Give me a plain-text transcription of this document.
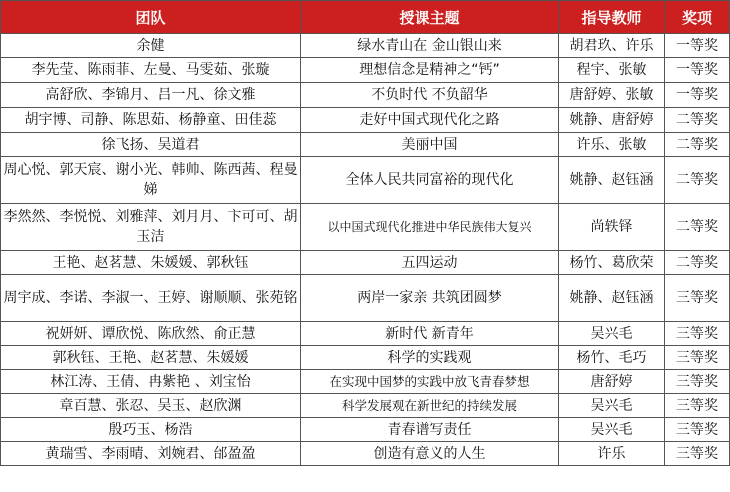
团队	授课主题	指导教师	奖项
余健	绿水青山在 金山银山来	胡君玖、许乐	一等奖
李先莹、陈雨菲、左曼、马雯茹、张璇	理想信念是精神之“钙”	程宇、张敏	一等奖
高舒欣、李锦月、吕一凡、徐文雅	不负时代 不负韶华	唐舒婷、张敏	一等奖
胡宇博、司静、陈思茹、杨静童、田佳蕊	走好中国式现代化之路	姚静、唐舒婷	二等奖
徐飞扬、吴道君	美丽中国	许乐、张敏	二等奖
周心悦、郭天宸、谢小光、韩帅、陈西茜、程曼娣	全体人民共同富裕的现代化	姚静、赵钰涵	二等奖
李然然、李悦悦、刘雅萍、刘月月、卞可可、胡玉洁	以中国式现代化推进中华民族伟大复兴	尚轶铎	二等奖
王艳、赵茗慧、朱媛媛、郭秋钰	五四运动	杨竹、葛欣荣	二等奖
周宇成、李诺、李淑一、王婷、谢顺顺、张苑铭	两岸一家亲 共筑团圆梦	姚静、赵钰涵	三等奖
祝妍妍、谭欣悦、陈欣然、俞正慧	新时代 新青年	吴兴毛	三等奖
郭秋钰、王艳、赵茗慧、朱媛媛	科学的实践观	杨竹、毛巧	三等奖
林江涛、王倩、冉紫艳 、刘宝怡	在实现中国梦的实践中放飞青春梦想	唐舒婷	三等奖
章百慧、张忍、吴玉、赵欣渊	科学发展观在新世纪的持续发展	吴兴毛	三等奖
殷巧玉、杨浩	青春谱写责任	吴兴毛	三等奖
黄瑞雪、李雨晴、刘婉君、邰盈盈	创造有意义的人生	许乐	三等奖
